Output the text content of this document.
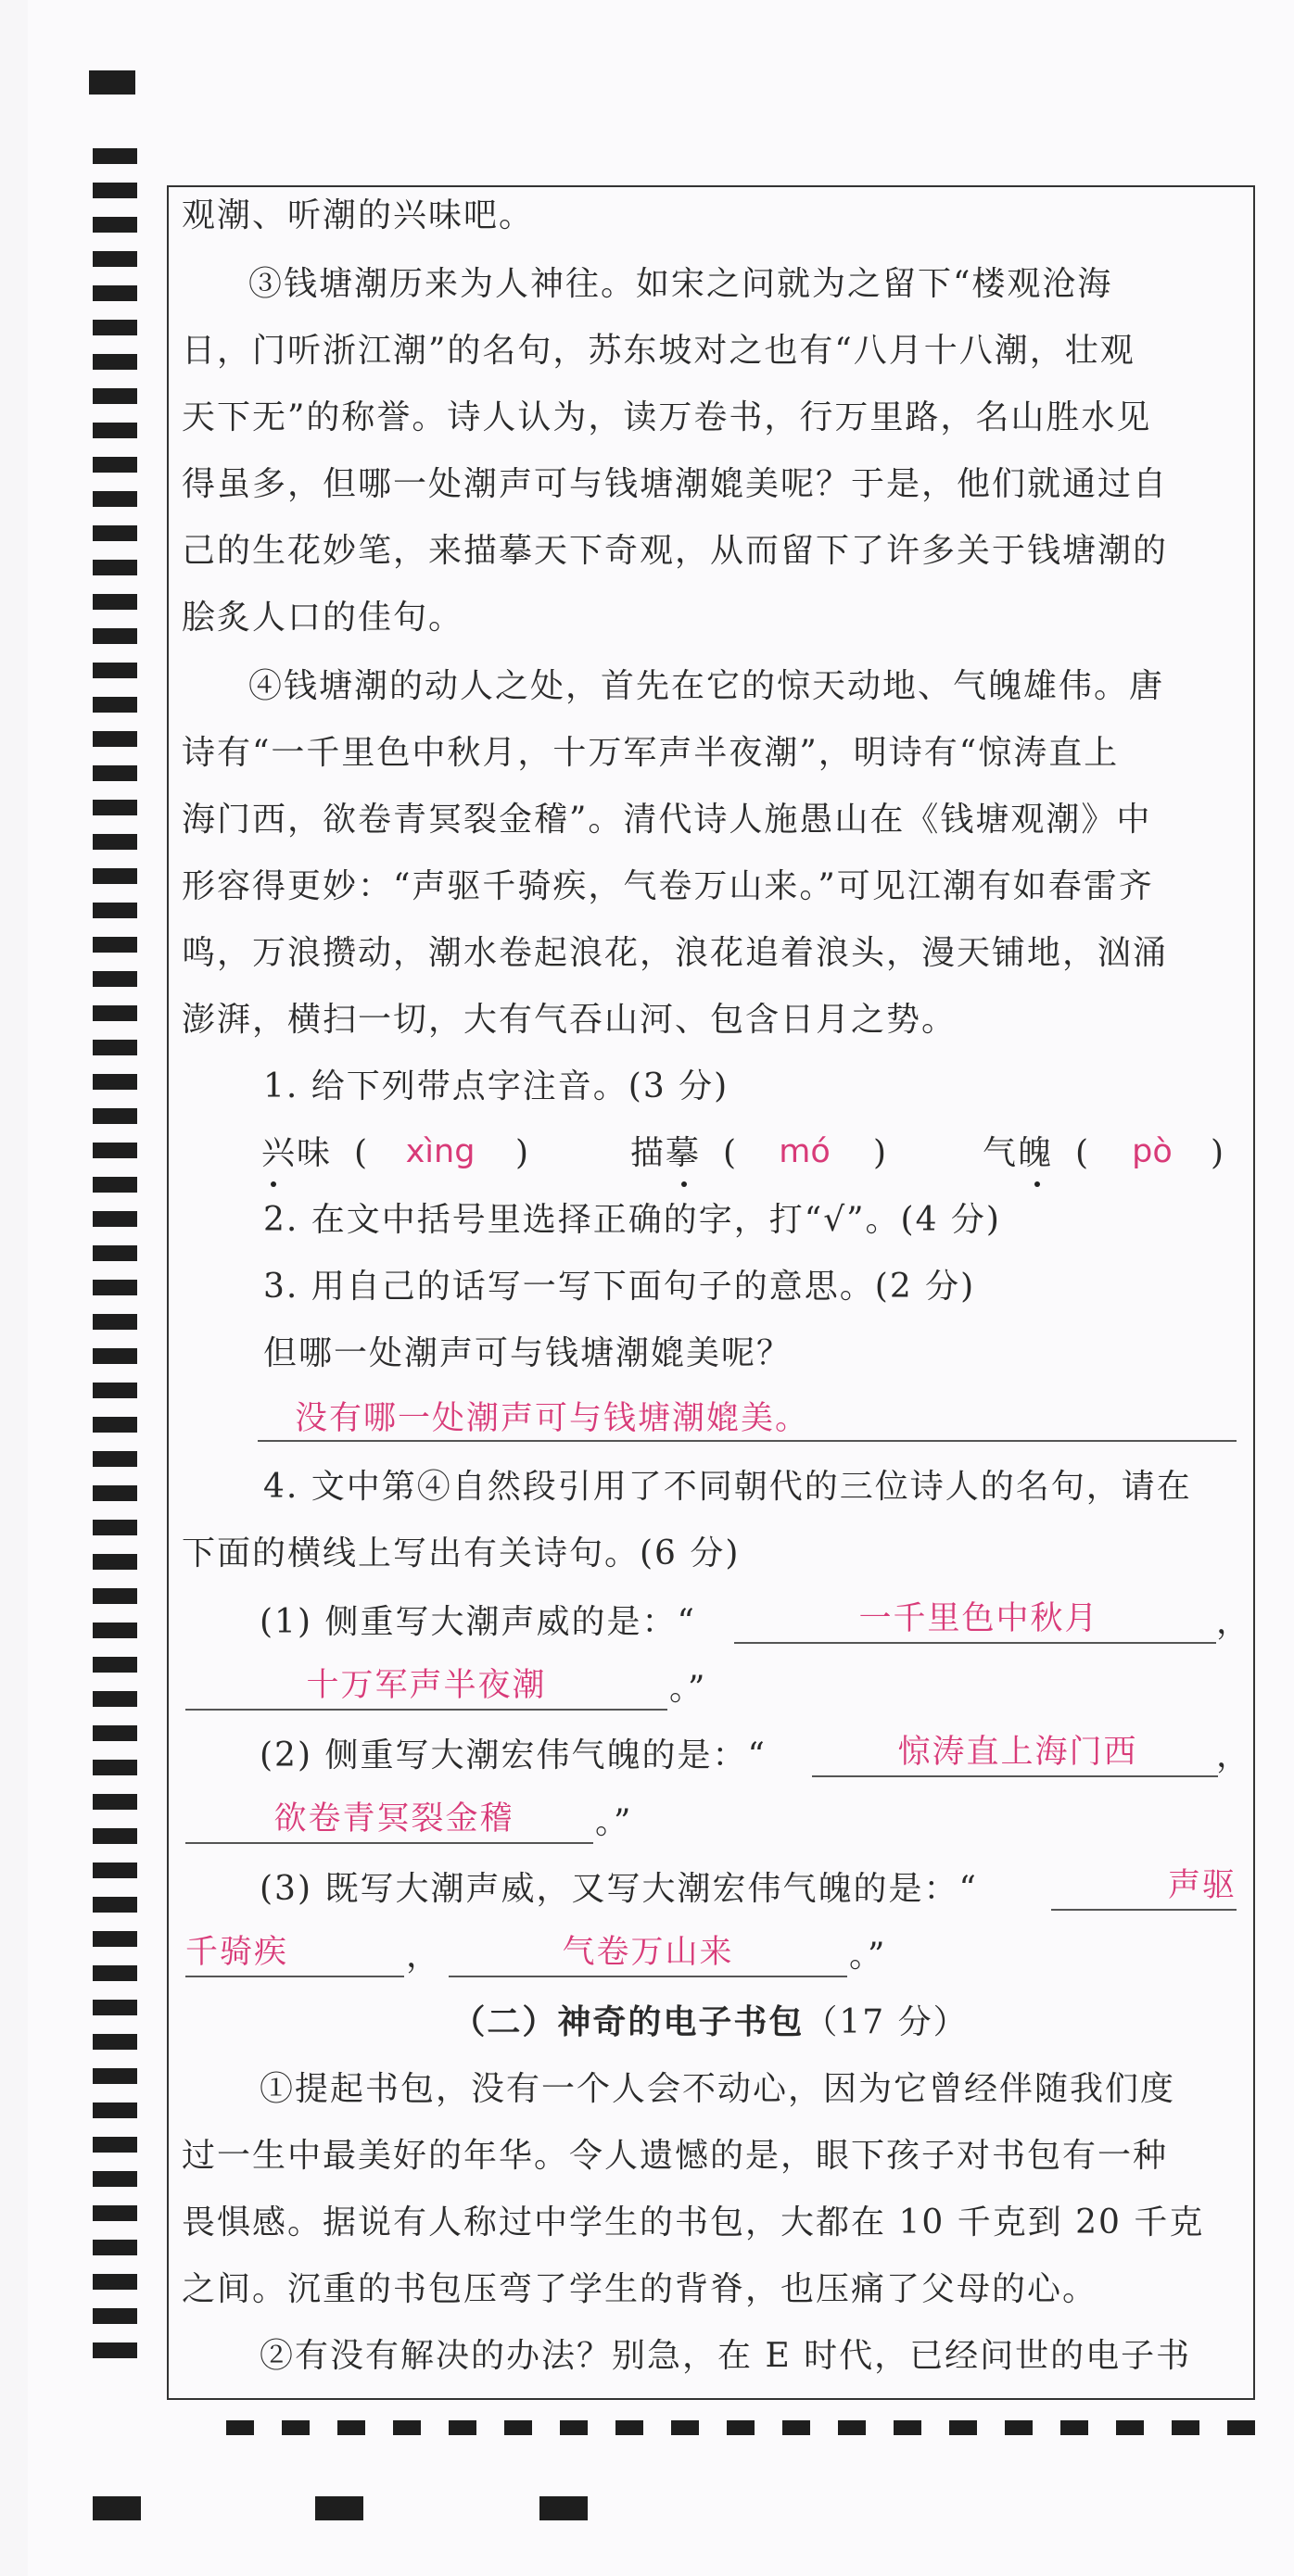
观潮、听潮的兴味吧。
③钱塘潮历来为人神往。如宋之问就为之留下“楼观沧海
日，门听浙江潮”的名句，苏东坡对之也有“八月十八潮，壮观
天下无”的称誉。诗人认为，读万卷书，行万里路，名山胜水见
得虽多，但哪一处潮声可与钱塘潮媲美呢？于是，他们就通过自
己的生花妙笔，来描摹天下奇观，从而留下了许多关于钱塘潮的
脍炙人口的佳句。
④钱塘潮的动人之处，首先在它的惊天动地、气魄雄伟。唐
诗有“一千里色中秋月，十万军声半夜潮”，明诗有“惊涛直上
海门西，欲卷青冥裂金稽”。清代诗人施愚山在《钱塘观潮》中
形容得更妙：“声驱千骑疾，气卷万山来。”可见江潮有如春雷齐
鸣，万浪攒动，潮水卷起浪花，浪花追着浪头，漫天铺地，汹涌
澎湃，横扫一切，大有气吞山河、包含日月之势。
1. 给下列带点字注音。(3 分)
兴味 (	xìng	)	描摹 (	mó	)	气魄 (	pò	)
2. 在文中括号里选择正确的字，打“√”。(4 分)
3. 用自己的话写一写下面句子的意思。(2 分)
但哪一处潮声可与钱塘潮媲美呢？
没有哪一处潮声可与钱塘潮媲美。
4. 文中第④自然段引用了不同朝代的三位诗人的名句，请在
下面的横线上写出有关诗句。(6 分)
(1) 侧重写大潮声威的是：“	一千里色中秋月	，
十万军声半夜潮	。”
(2) 侧重写大潮宏伟气魄的是：“	惊涛直上海门西	，
欲卷青冥裂金稽	。”
(3) 既写大潮声威，又写大潮宏伟气魄的是：“	声驱
千骑疾	，	气卷万山来	。”
（二）神奇的电子书包（17 分）
①提起书包，没有一个人会不动心，因为它曾经伴随我们度
过一生中最美好的年华。令人遗憾的是，眼下孩子对书包有一种
畏惧感。据说有人称过中学生的书包，大都在 10 千克到 20 千克
之间。沉重的书包压弯了学生的背脊，也压痛了父母的心。
②有没有解决的办法？别急，在 E 时代，已经问世的电子书
